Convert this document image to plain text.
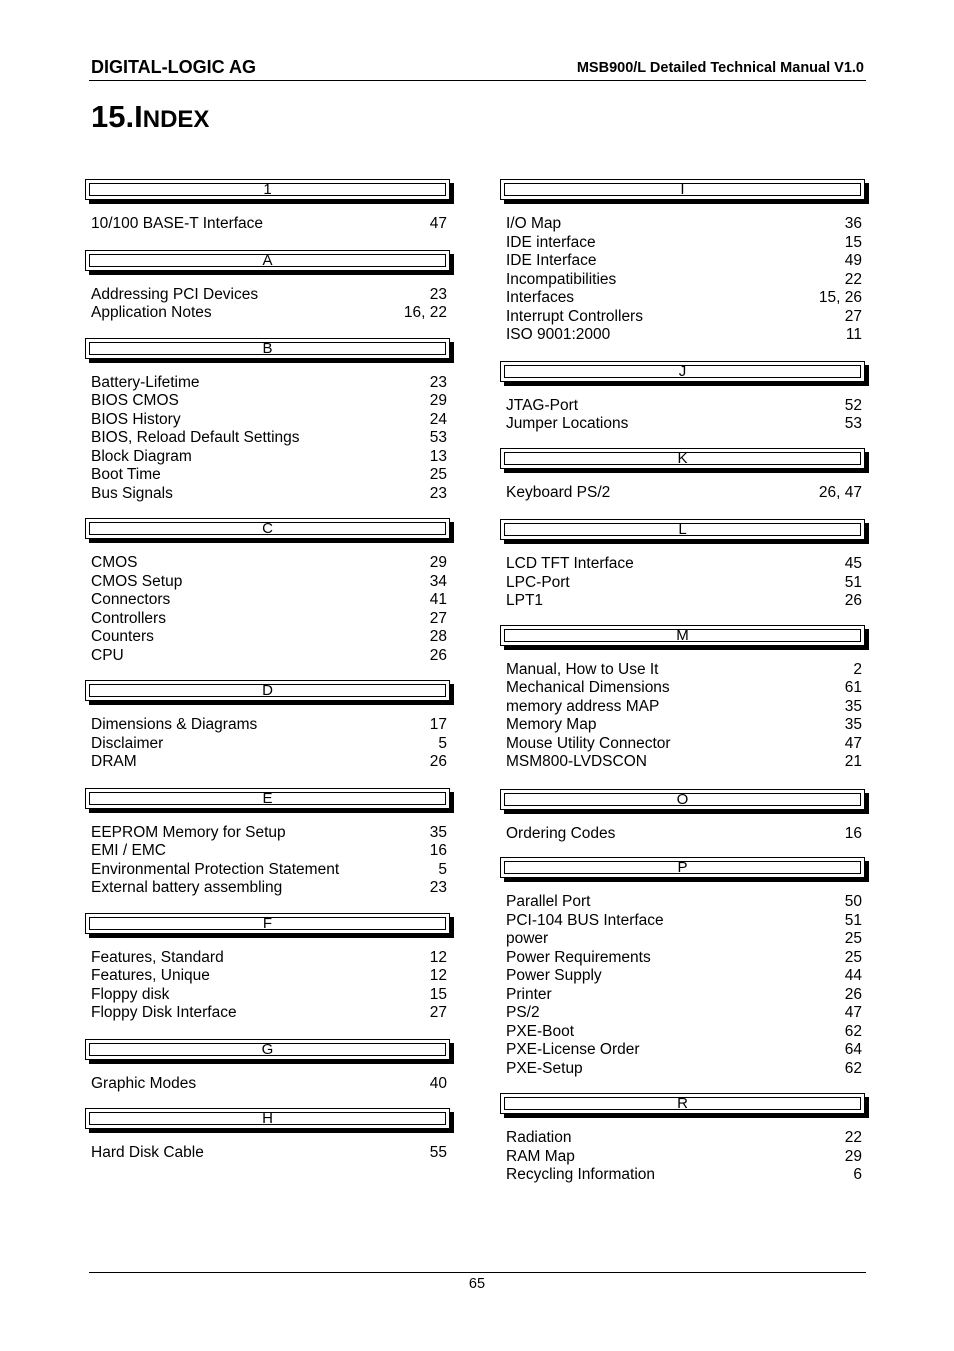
DIGITAL-LOGIC AG	MSB900/L Detailed Technical Manual V1.0
15.INDEX
1
10/100 BASE-T Interface	47
A
Addressing PCI Devices	23
Application Notes	16, 22
B
Battery-Lifetime	23
BIOS CMOS	29
BIOS History	24
BIOS, Reload Default Settings	53
Block Diagram	13
Boot Time	25
Bus Signals	23
C
CMOS	29
CMOS Setup	34
Connectors	41
Controllers	27
Counters	28
CPU	26
D
Dimensions & Diagrams	17
Disclaimer	5
DRAM	26
E
EEPROM Memory for Setup	35
EMI / EMC	16
Environmental Protection Statement	5
External battery assembling	23
F
Features, Standard	12
Features, Unique	12
Floppy disk	15
Floppy Disk Interface	27
G
Graphic Modes	40
H
Hard Disk Cable	55
I
I/O Map	36
IDE interface	15
IDE Interface	49
Incompatibilities	22
Interfaces	15, 26
Interrupt Controllers	27
ISO 9001:2000	11
J
JTAG-Port	52
Jumper Locations	53
K
Keyboard PS/2	26, 47
L
LCD TFT Interface	45
LPC-Port	51
LPT1	26
M
Manual, How to Use It	2
Mechanical Dimensions	61
memory address MAP	35
Memory Map	35
Mouse Utility Connector	47
MSM800-LVDSCON	21
O
Ordering Codes	16
P
Parallel Port	50
PCI-104 BUS Interface	51
power	25
Power Requirements	25
Power Supply	44
Printer	26
PS/2	47
PXE-Boot	62
PXE-License Order	64
PXE-Setup	62
R
Radiation	22
RAM Map	29
Recycling Information	6
65
